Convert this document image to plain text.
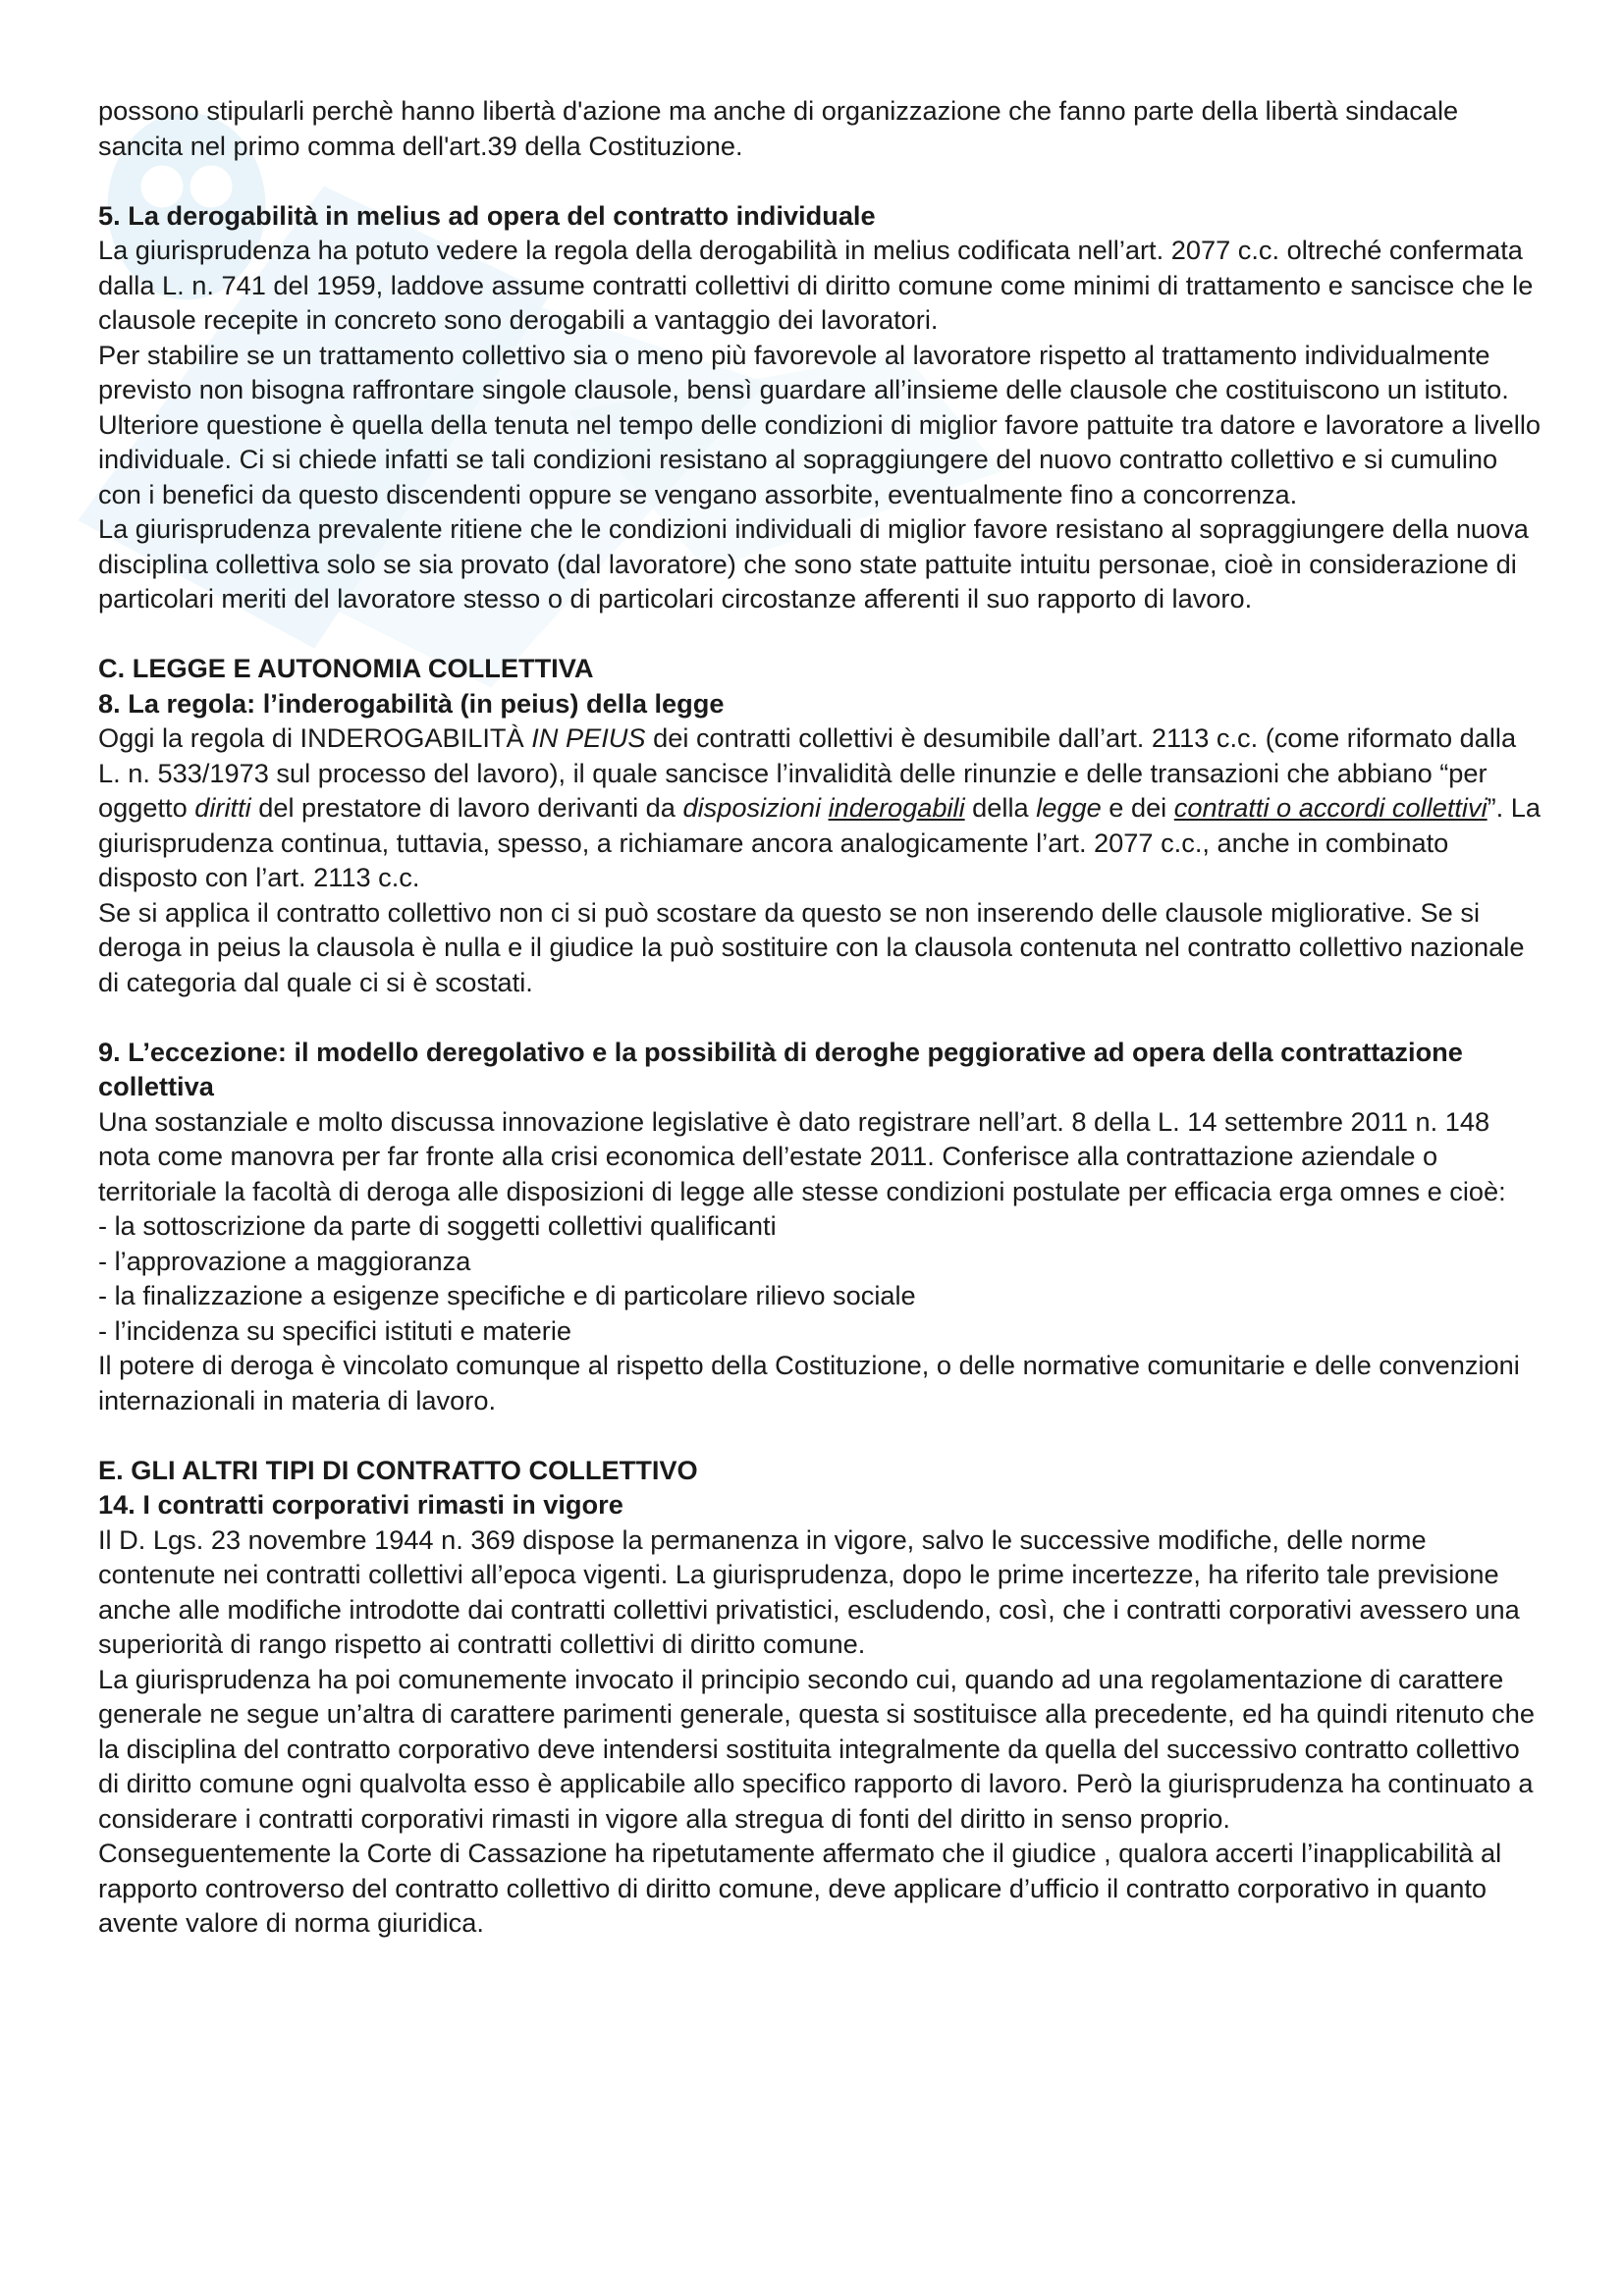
possono stipularli perchè hanno libertà d'azione ma anche di organizzazione che fanno parte della libertà sindacale sancita nel primo comma dell'art.39 della Costituzione.

5. La derogabilità in melius ad opera del contratto individuale

La giurisprudenza ha potuto vedere la regola della derogabilità in melius codificata nell’art. 2077 c.c. oltreché confermata dalla L. n. 741 del 1959, laddove assume contratti collettivi di diritto comune come minimi di trattamento e sancisce che le clausole recepite in concreto sono derogabili a vantaggio dei lavoratori.

Per stabilire se un trattamento collettivo sia o meno più favorevole al lavoratore rispetto al trattamento individualmente previsto non bisogna raffrontare singole clausole, bensì guardare all’insieme delle clausole che costituiscono un istituto.

Ulteriore questione è quella della tenuta nel tempo delle condizioni di miglior favore pattuite tra datore e lavoratore a livello individuale. Ci si chiede infatti se tali condizioni resistano al sopraggiungere del nuovo contratto collettivo e si cumulino con i benefici da questo discendenti oppure se vengano assorbite, eventualmente fino a concorrenza.

La giurisprudenza prevalente ritiene che le condizioni individuali di miglior favore resistano al sopraggiungere della nuova disciplina collettiva solo se sia provato (dal lavoratore) che sono state pattuite intuitu personae, cioè in considerazione di particolari meriti del lavoratore stesso o di particolari circostanze afferenti il suo rapporto di lavoro.

C. LEGGE E AUTONOMIA COLLETTIVA

8. La regola: l’inderogabilità (in peius) della legge

Oggi la regola di INDEROGABILITÀ IN PEIUS dei contratti collettivi è desumibile dall’art. 2113 c.c. (come riformato dalla L. n. 533/1973 sul processo del lavoro), il quale sancisce l’invalidità delle rinunzie e delle transazioni che abbiano “per oggetto diritti del prestatore di lavoro derivanti da disposizioni inderogabili della legge e dei contratti o accordi collettivi”. La giurisprudenza continua, tuttavia, spesso, a richiamare ancora analogicamente l’art. 2077 c.c., anche in combinato disposto con l’art. 2113 c.c.

Se si applica il contratto collettivo non ci si può scostare da questo se non inserendo delle clausole migliorative. Se si deroga in peius la clausola è nulla e il giudice la può sostituire con la clausola contenuta nel contratto collettivo nazionale di categoria dal quale ci si è scostati.

9. L’eccezione: il modello deregolativo e la possibilità di deroghe peggiorative ad opera della contrattazione collettiva

Una sostanziale e molto discussa innovazione legislative è dato registrare nell’art. 8 della L. 14 settembre 2011 n. 148 nota come manovra per far fronte alla crisi economica dell’estate 2011. Conferisce alla contrattazione aziendale o territoriale la facoltà di deroga alle disposizioni di legge alle stesse condizioni postulate per efficacia erga omnes e cioè:

- la sottoscrizione da parte di soggetti collettivi qualificanti

- l’approvazione a maggioranza

- la finalizzazione a esigenze specifiche e di particolare rilievo sociale

- l’incidenza su specifici istituti e materie

Il potere di deroga è vincolato comunque al rispetto della Costituzione, o delle normative comunitarie e delle convenzioni internazionali in materia di lavoro.

E. GLI ALTRI TIPI DI CONTRATTO COLLETTIVO

14. I contratti corporativi rimasti in vigore

Il D. Lgs. 23 novembre 1944 n. 369 dispose la permanenza in vigore, salvo le successive modifiche, delle norme contenute nei contratti collettivi all’epoca vigenti. La giurisprudenza, dopo le prime incertezze, ha riferito tale previsione anche alle modifiche introdotte dai contratti collettivi privatistici, escludendo, così, che i contratti corporativi avessero una superiorità di rango rispetto ai contratti collettivi di diritto comune.

La giurisprudenza ha poi comunemente invocato il principio secondo cui, quando ad una regolamentazione di carattere generale ne segue un’altra di carattere parimenti generale, questa si sostituisce alla precedente, ed ha quindi ritenuto che la disciplina del contratto corporativo deve intendersi sostituita integralmente da quella del successivo contratto collettivo di diritto comune ogni qualvolta esso è applicabile allo specifico rapporto di lavoro. Però la giurisprudenza ha continuato a considerare i contratti corporativi rimasti in vigore alla stregua di fonti del diritto in senso proprio.

Conseguentemente la Corte di Cassazione ha ripetutamente affermato che il giudice , qualora accerti l’inapplicabilità al rapporto controverso del contratto collettivo di diritto comune, deve applicare d’ufficio il contratto corporativo in quanto avente valore di norma giuridica.
